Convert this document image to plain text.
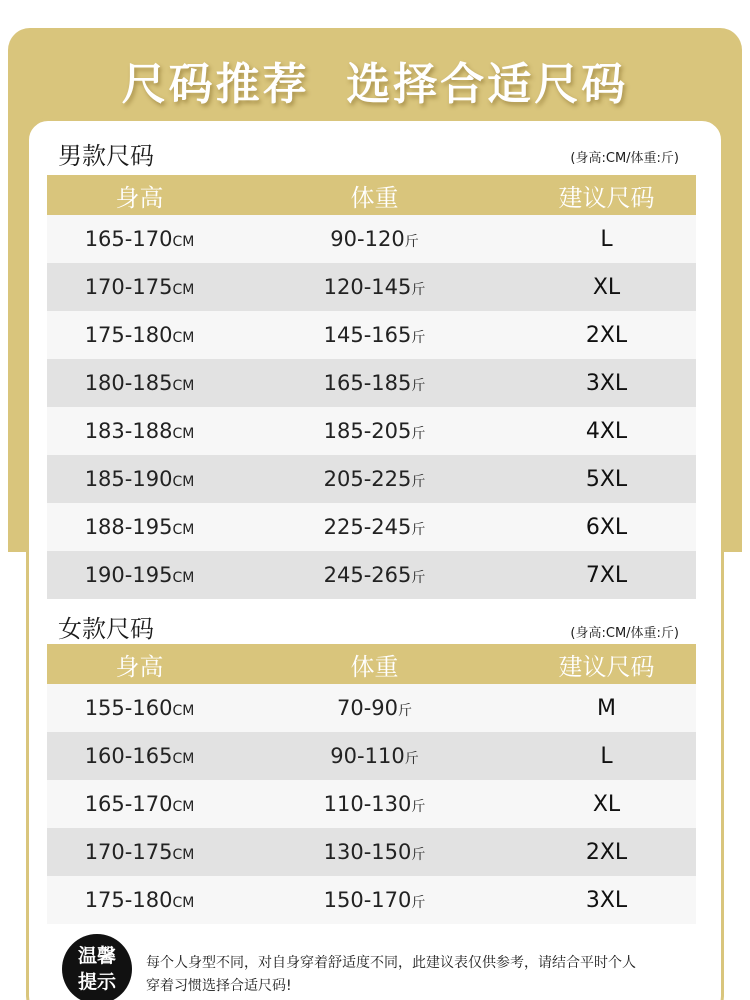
尺码推荐  选择合适尺码
男款尺码	(身高:CM/体重:斤)
身高	体重	建议尺码
165-170CM	90-120斤	L
170-175CM	120-145斤	XL
175-180CM	145-165斤	2XL
180-185CM	165-185斤	3XL
183-188CM	185-205斤	4XL
185-190CM	205-225斤	5XL
188-195CM	225-245斤	6XL
190-195CM	245-265斤	7XL
女款尺码	(身高:CM/体重:斤)
身高	体重	建议尺码
155-160CM	70-90斤	M
160-165CM	90-110斤	L
165-170CM	110-130斤	XL
170-175CM	130-150斤	2XL
175-180CM	150-170斤	3XL
温馨
提示
每个人身型不同，对自身穿着舒适度不同，此建议表仅供参考，请结合平时个人
穿着习惯选择合适尺码!
